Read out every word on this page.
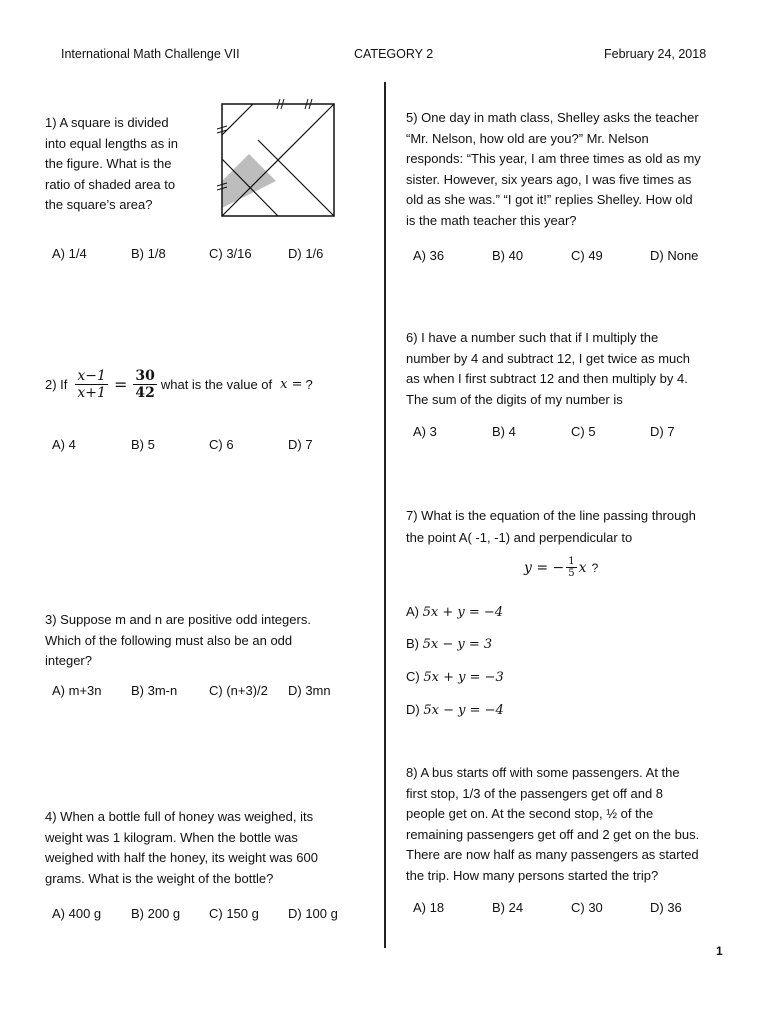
International Math Challenge VII	CATEGORY 2	February 24, 2018
1) A square is divided
into equal lengths as in
the figure. What is the
ratio of shaded area to
the square’s area?
A) 1/4	B) 1/8	C) 3/16	D) 1/6
2) If $\frac{x-1}{x+1} = \frac{30}{42}$ what is the value of x = ?
A) 4	B) 5	C) 6	D) 7
3) Suppose m and n are positive odd integers.
Which of the following must also be an odd
integer?
A) m+3n B) 3m-n C) (n+3)/2 D) 3mn
4) When a bottle full of honey was weighed, its
weight was 1 kilogram. When the bottle was
weighed with half the honey, its weight was 600
grams. What is the weight of the bottle?
A) 400 g B) 200 g C) 150 g D) 100 g
5) One day in math class, Shelley asks the teacher
“Mr. Nelson, how old are you?” Mr. Nelson
responds: “This year, I am three times as old as my
sister. However, six years ago, I was five times as
old as she was.” “I got it!” replies Shelley. How old
is the math teacher this year?
A) 36	B) 40	C) 49	D) None
6) I have a number such that if I multiply the
number by 4 and subtract 12, I get twice as much
as when I first subtract 12 and then multiply by 4.
The sum of the digits of my number is
A) 3	B) 4	C) 5	D) 7
7) What is the equation of the line passing through
the point A( -1, -1) and perpendicular to
y = − $\frac{1}{5}$ x ?
A) 5x + y = −4
B) 5x − y = 3
C) 5x + y = −3
D) 5x − y = −4
8) A bus starts off with some passengers. At the
first stop, 1/3 of the passengers get off and 8
people get on. At the second stop, ½ of the
remaining passengers get off and 2 get on the bus.
There are now half as many passengers as started
the trip. How many persons started the trip?
A) 18	B) 24	C) 30	D) 36
1
